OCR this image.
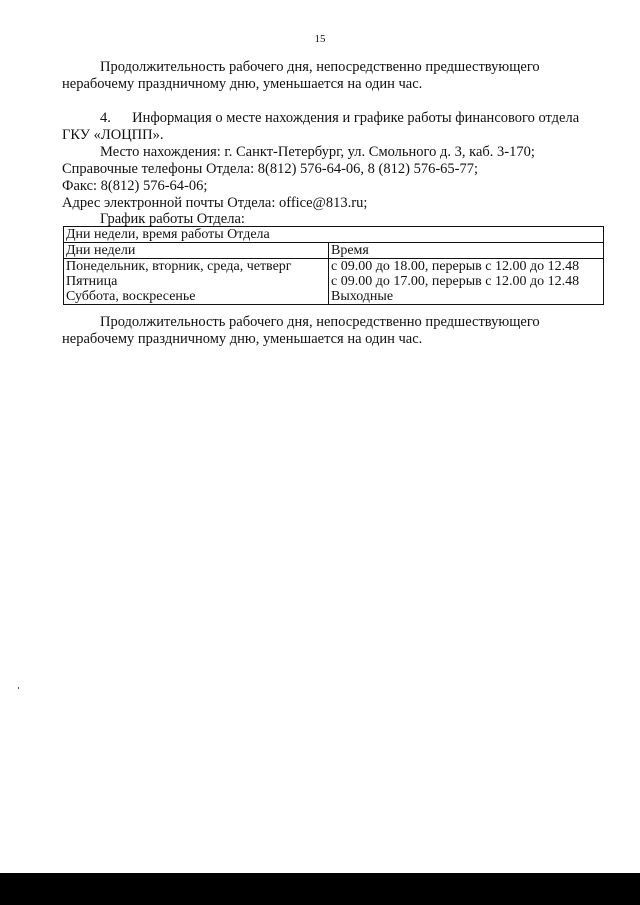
15
Продолжительность рабочего дня, непосредственно предшествующего
нерабочему праздничному дню, уменьшается на один час.
4. Информация о месте нахождения и графике работы финансового отдела
ГКУ «ЛОЦПП».
Место нахождения: г. Санкт-Петербург, ул. Смольного д. 3, каб. 3-170;
Справочные телефоны Отдела: 8(812) 576-64-06, 8 (812) 576-65-77;
Факс: 8(812) 576-64-06;
Адрес электронной почты Отдела: office@813.ru;
График работы Отдела:
Дни недели, время работы Отдела	
Дни недели	Время
Понедельник, вторник, среда, четверг	с 09.00 до 18.00, перерыв с 12.00 до 12.48
Пятница	с 09.00 до 17.00, перерыв с 12.00 до 12.48
Суббота, воскресенье	Выходные
Продолжительность рабочего дня, непосредственно предшествующего
нерабочему праздничному дню, уменьшается на один час.
